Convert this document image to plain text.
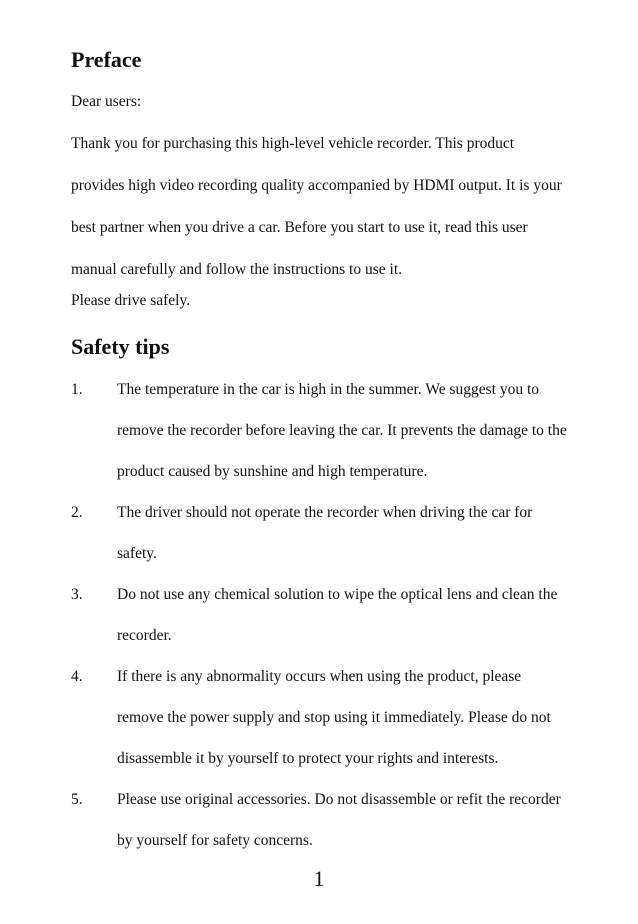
Preface

Dear users:

Thank you for purchasing this high-level vehicle recorder. This product provides high video recording quality accompanied by HDMI output. It is your best partner when you drive a car. Before you start to use it, read this user manual carefully and follow the instructions to use it.

Please drive safely.

Safety tips
1. The temperature in the car is high in the summer. We suggest you to remove the recorder before leaving the car. It prevents the damage to the product caused by sunshine and high temperature.
2. The driver should not operate the recorder when driving the car for safety.
3. Do not use any chemical solution to wipe the optical lens and clean the recorder.
4. If there is any abnormality occurs when using the product, please remove the power supply and stop using it immediately. Please do not disassemble it by yourself to protect your rights and interests.
5. Please use original accessories. Do not disassemble or refit the recorder by yourself for safety concerns.
1
